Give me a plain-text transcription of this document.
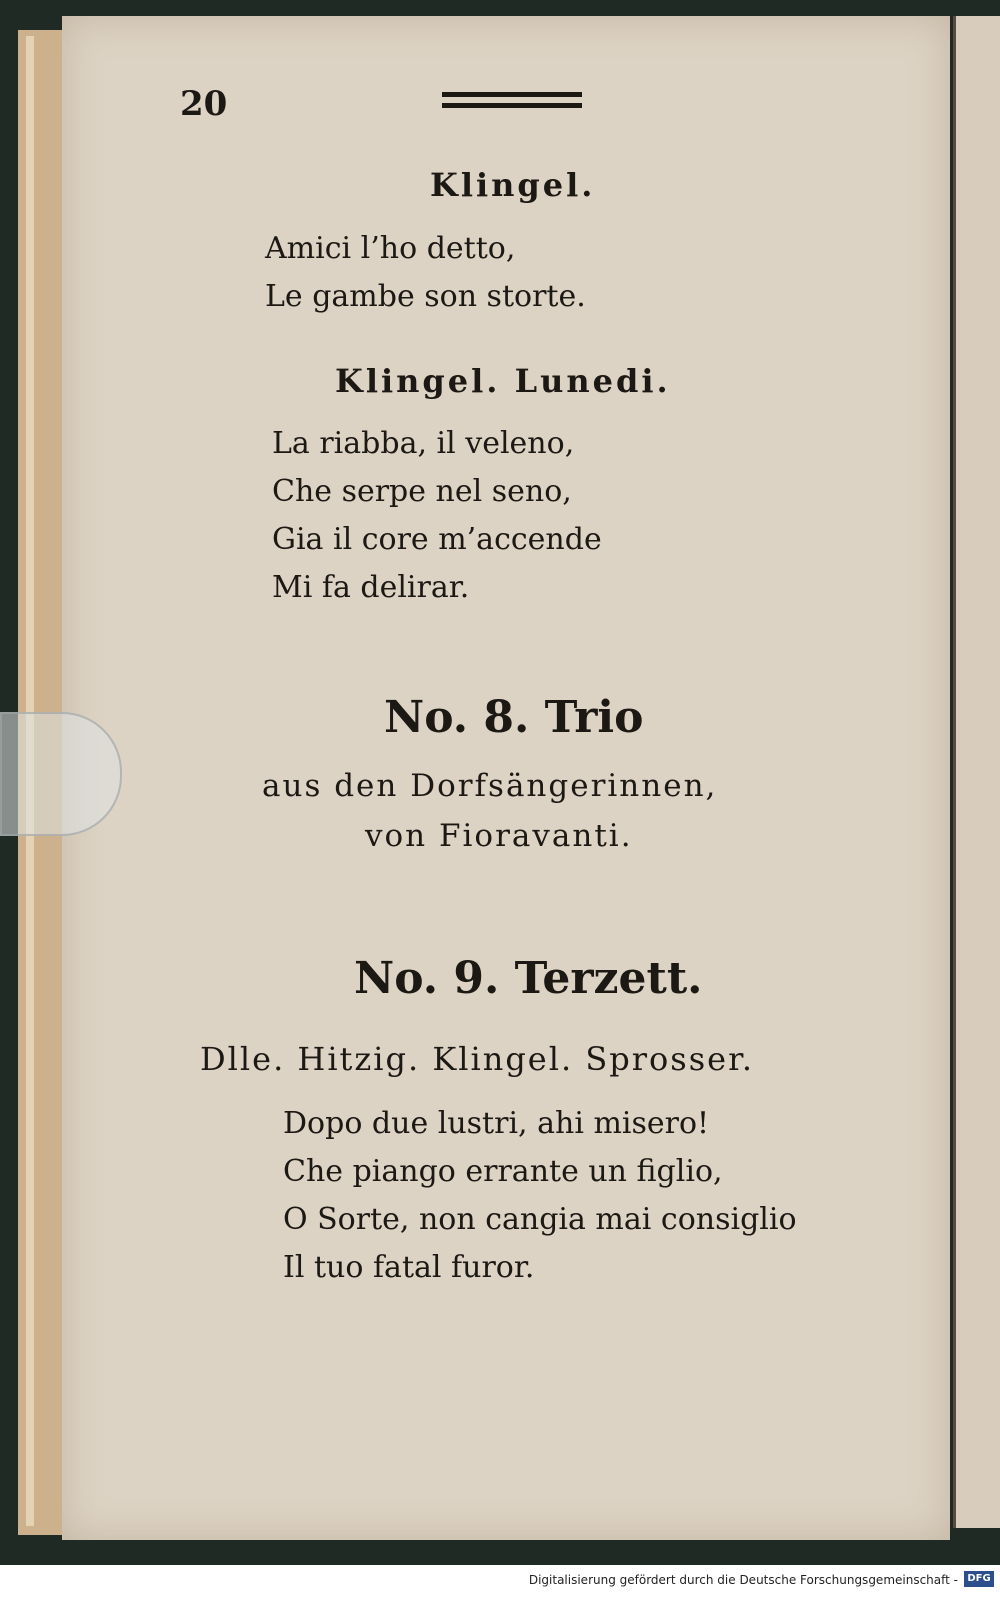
20
Klingel.
Amici l’ho detto,
Le gambe son storte.
Klingel. Lunedi.
La riabba, il veleno,
Che serpe nel seno,
Gia il core m’accende
Mi fa delirar.
No. 8. Trio
aus den Dorfsängerinnen,
von Fioravanti.
No. 9. Terzett.
Dlle. Hitzig. Klingel. Sprosser.
Dopo due lustri, ahi misero!
Che piango errante un figlio,
O Sorte, non cangia mai consiglio
Il tuo fatal furor.
Digitalisierung gefördert durch die Deutsche Forschungsgemeinschaft - DFG
